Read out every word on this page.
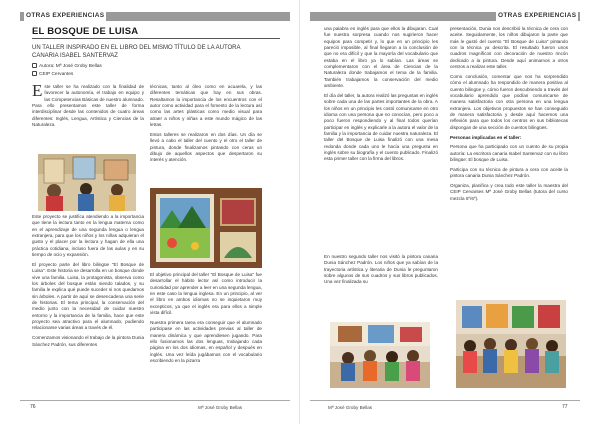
OTRAS EXPERIENCIAS
EL BOSQUE DE LUISA
UN TALLER INSPIRADO EN EL LIBRO DEL MISMO TÍTULO DE LA AUTORA CANARIA ISABEL SANTERVAZ
Autora: Mª José Groby Bellas
CEIP Cervantes
E ste taller se ha realizado con la finalidad de favorecer la autonomía, el trabajo en equipo y las Competencias Básicas de nuestro alumnado. Para ello presentamos este taller de forma interdisciplinar desde las contenidos de cuatro áreas diferentes: Inglés, Lengua, Artística y Ciencias de la Naturaleza.

Este proyecto se justifica atendiendo a la importancia que tiene la lectura tanto en la lengua materna como en el aprendizaje de una segunda lengua o lengua extranjera, para que los niños y los niñas adquieran el gusto y el placer por la lectura y hagan de ella una práctica cotidiana, incluso fuera de las aulas y en su tiempo de ocio y expansión.

El proyecto parte del libro bilingüe "El Bosque de Luisa". Este historia se desarrolla en un bosque donde vive una familia. Luisa, la protagonista, observa como los árboles del bosque están siendo talados, y su familia le explica qué puede suceder si nos quedamos sin árboles. A partir de aquí se desencadena una serie de historias. El tema principal, la conservación del medio junto con la necesidad de cuidar nuestro entorno y la importancia de la familia, hace que este proyecto sea atractivo para el alumnado, pudiendo relacionarse varias áreas a través de él.

Comenzamos visionando el trabajo de la pintora Dunia Sánchez Padrón, sus diferentes

técnicas, tanto al óleo como en acuarela, y las diferentes temáticas que hay en sus obras. Resaltamos la importancia de los encuentros con el autor como actividad para el fomento de la lectura así como las artes plásticas como medio visual para atraer a niños y niñas a este mundo mágico de las letras.

Estos talleres se realizaron en dos días. Un día se llevó a cabo el taller del cuento y el otro el taller de pintura, donde finalizamos pintando con ceras un dibujo de aquellos aspectos que despertaron su interés y atención.

El objetivo principal del taller "El Bosque de Luisa" fue desarrollar el hábito lector así como introducir la curiosidad por aprender a leer en una segunda lengua, en este caso la lengua inglesa. En un principio, al ver el libro en ambos idiomas no se inquietaron muy excepticos, ya que el inglés era para ellos a simple vista difícil.

Nuestra primera tarea era conseguir que el alumnado participase en las actividades previas al taller de manera dinámica y que aprendiesen jugando. Para ello fusionamos las dos lenguas, trabajando cada página en los dos idiomas, en español y después en inglés. Una vez leída jugábamos con el vocabulario escribiendo en la pizarra

76	Mª José Groby Bellas
OTRAS EXPERIENCIAS

una palabra en inglés para que ellos la dibujaran. Cual fue nuestra sorpresa cuando nos sugirieron hacer equipos para competir y, lo que en un principio les pareció imposible, al final llegaron a la conclusión de que no era difícil y que la mayoría del vocabulario que estaba en el libro ya lo sabían. Las áreas se complementaron con el área de Ciencias de la Naturaleza donde trabajamos el tema de la familia. También trabajamos la conservación del medio ambiente.

El día del taller, la autora realizó las preguntas en inglés sobre cada una de las partes importantes de la obra. A los niños en un principio les costó comunicarse en otro idioma con una persona que no conocían, pero poco a poco fueron respondiendo y al final todos querían participar en inglés y explicarle a la autora el valor de la familia y la importancia de cuidar nuestra naturaleza. El taller del Bosque de Luisa finalizó con una mesa redonda donde cada uno le hacía una pregunta en inglés sobre su biografía y el cuento publicado. Finalizó esta primer taller con la firma del libros.

En nuestro segundo taller nos visitó la pintora canaria Dunia Sánchez Padrón. Los niños que ya sabían de la trayectoria artística y literaria de Dunia le preguntaron sobre algunos de sus cuadros y sus libros publicados. Una vez finalizada su

presentación, Dunia nos describió la técnica de cera con aceite. Seguidamente, los niños dibujaron la parte que más le gustó del cuento "El Bosque de Luisa" pintando con la técnica ya descrita. El resultado fueron unos cuadros magníficos con decoración de nuestro rincón dedicado a la pintura. Desde aquí animamos a otros centros a realizar este taller.

Como conclusión, comentar que nos ha sorprendido cómo el alumnado ha respondido de manera positiva al cuento bilingüe y, cómo fueron descubriendo a través del vocabulario aprendido que podían comunicarse de manera satisfactoria con otra persona en una lengua extranjera. Los objetivos propuestos se han conseguido de manera satisfactoria y desde aquí hacemos una reflexión para que todos los centros en sus bibliotecas dispongan de una sección de cuentos bilingües.

Personas implicadas en el taller:

Persona que ha participado con un cuento de su propia autoría: La escritora canaria Isabel Santervaz con su libro bilingüe: El bosque de Luisa.

Participa con su técnica de pintura a cera con aceite la pintora canaria Dunia Sánchez Padrón.

Organiza, planifica y crea todo este taller la maestra del CEIP Cervantes Mª José Groby Bellas (tutora del curso mezcla 5º/6º).

Mª José Groby Bellas	77
